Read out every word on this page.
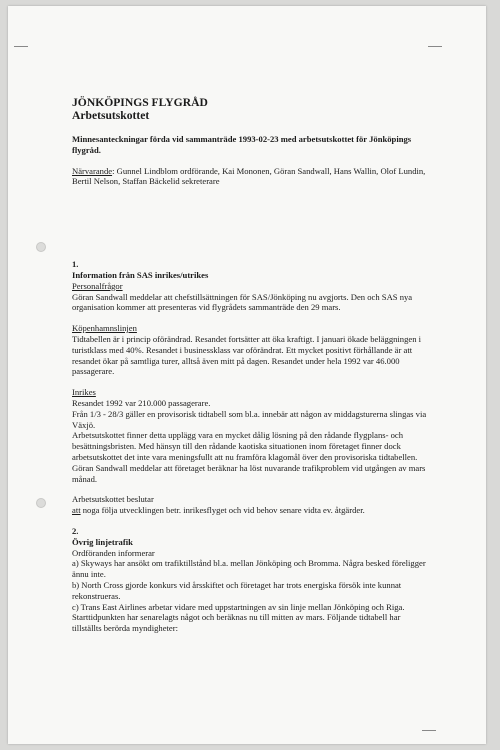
JÖNKÖPINGS FLYGRÅD

Arbetsutskottet

Minnesanteckningar förda vid sammanträde 1993-02-23 med arbetsutskottet för Jönköpings flygråd.

Närvarande: Gunnel Lindblom ordförande, Kai Mononen, Göran Sandwall, Hans Wallin, Olof Lundin, Bertil Nelson, Staffan Bäckelid sekreterare

1.

Information från SAS inrikes/utrikes

Personalfrågor

Göran Sandwall meddelar att chefstillsättningen för SAS/Jönköping nu avgjorts. Den och SAS nya organisation kommer att presenteras vid flygrådets sammanträde den 29 mars.

Köpenhamnslinjen

Tidtabellen är i princip oförändrad. Resandet fortsätter att öka kraftigt. I januari ökade beläggningen i turistklass med 40%. Resandet i businessklass var oförändrat. Ett mycket positivt förhållande är att resandet ökar på samtliga turer, alltså även mitt på dagen. Resandet under hela 1992 var 46.000 passagerare.

Inrikes

Resandet 1992 var 210.000 passagerare.

Från 1/3 - 28/3 gäller en provisorisk tidtabell som bl.a. innebär att någon av middagsturerna slingas via Växjö.

Arbetsutskottet finner detta upplägg vara en mycket dålig lösning på den rådande flygplans- och besättningsbristen. Med hänsyn till den rådande kaotiska situationen inom företaget finner dock arbetsutskottet det inte vara meningsfullt att nu framföra klagomål över den provisoriska tidtabellen.

Göran Sandwall meddelar att företaget beräknar ha löst nuvarande trafikproblem vid utgången av mars månad.

Arbetsutskottet beslutar

att noga följa utvecklingen betr. inrikesflyget och vid behov senare vidta ev. åtgärder.

2.

Övrig linjetrafik

Ordföranden informerar

a) Skyways har ansökt om trafiktillstånd bl.a. mellan Jönköping och Bromma. Några besked föreligger ännu inte.

b) North Cross gjorde konkurs vid årsskiftet och företaget har trots energiska försök inte kunnat rekonstrueras.

c) Trans East Airlines arbetar vidare med uppstartningen av sin linje mellan Jönköping och Riga. Starttidpunkten har senarelagts något och beräknas nu till mitten av mars. Följande tidtabell har tillställts berörda myndigheter:
